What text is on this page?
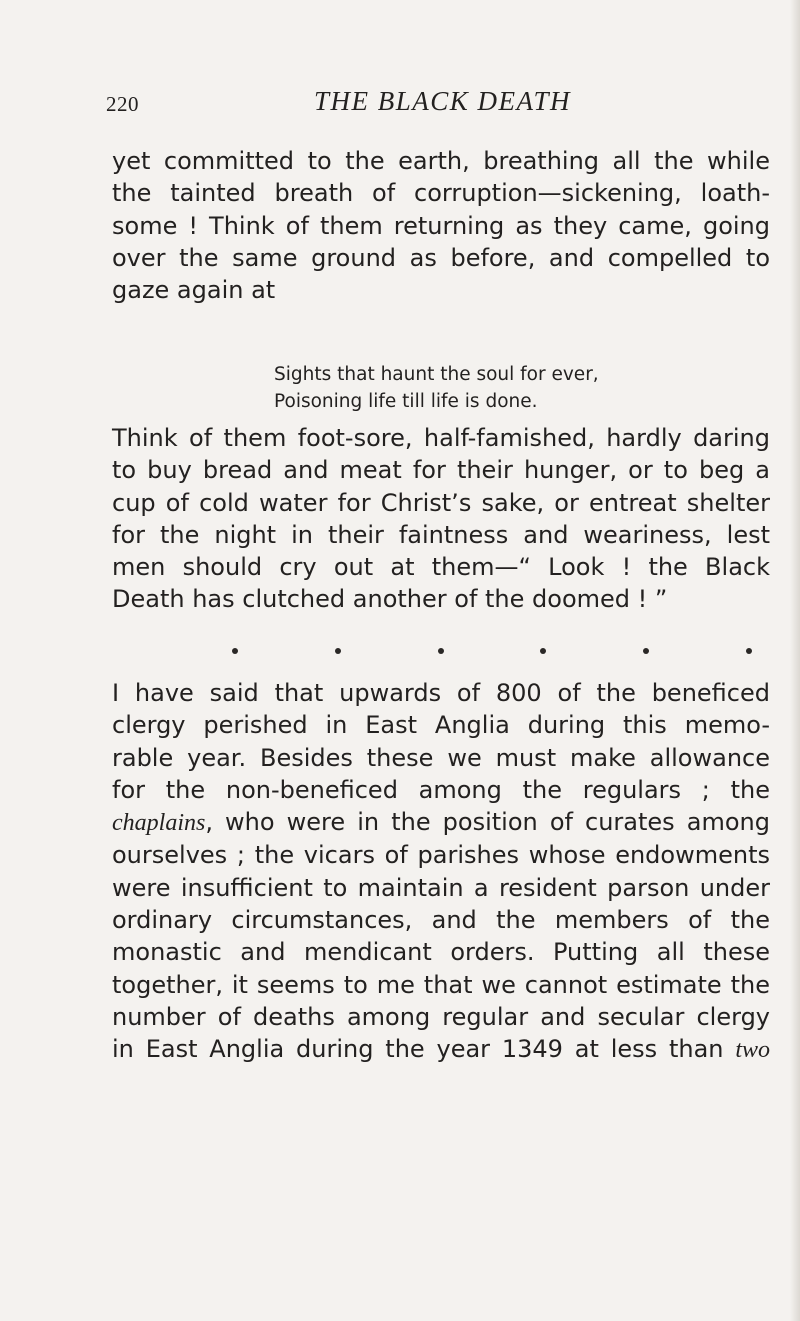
220	THE BLACK DEATH
yet committed to the earth, breathing all the while
the tainted breath of corruption—sickening, loath-
some ! Think of them returning as they came, going
over the same ground as before, and compelled to
gaze again at
Sights that haunt the soul for ever,
Poisoning life till life is done.
Think of them foot-sore, half-famished, hardly daring
to buy bread and meat for their hunger, or to beg a
cup of cold water for Christ’s sake, or entreat shelter
for the night in their faintness and weariness, lest
men should cry out at them—“ Look ! the Black
Death has clutched another of the doomed ! ”
I have said that upwards of 800 of the beneficed
clergy perished in East Anglia during this memo-
rable year. Besides these we must make allowance
for the non-beneficed among the regulars ; the
chaplains, who were in the position of curates among
ourselves ; the vicars of parishes whose endowments
were insufficient to maintain a resident parson under
ordinary circumstances, and the members of the
monastic and mendicant orders. Putting all these
together, it seems to me that we cannot estimate the
number of deaths among regular and secular clergy
in East Anglia during the year 1349 at less than two
